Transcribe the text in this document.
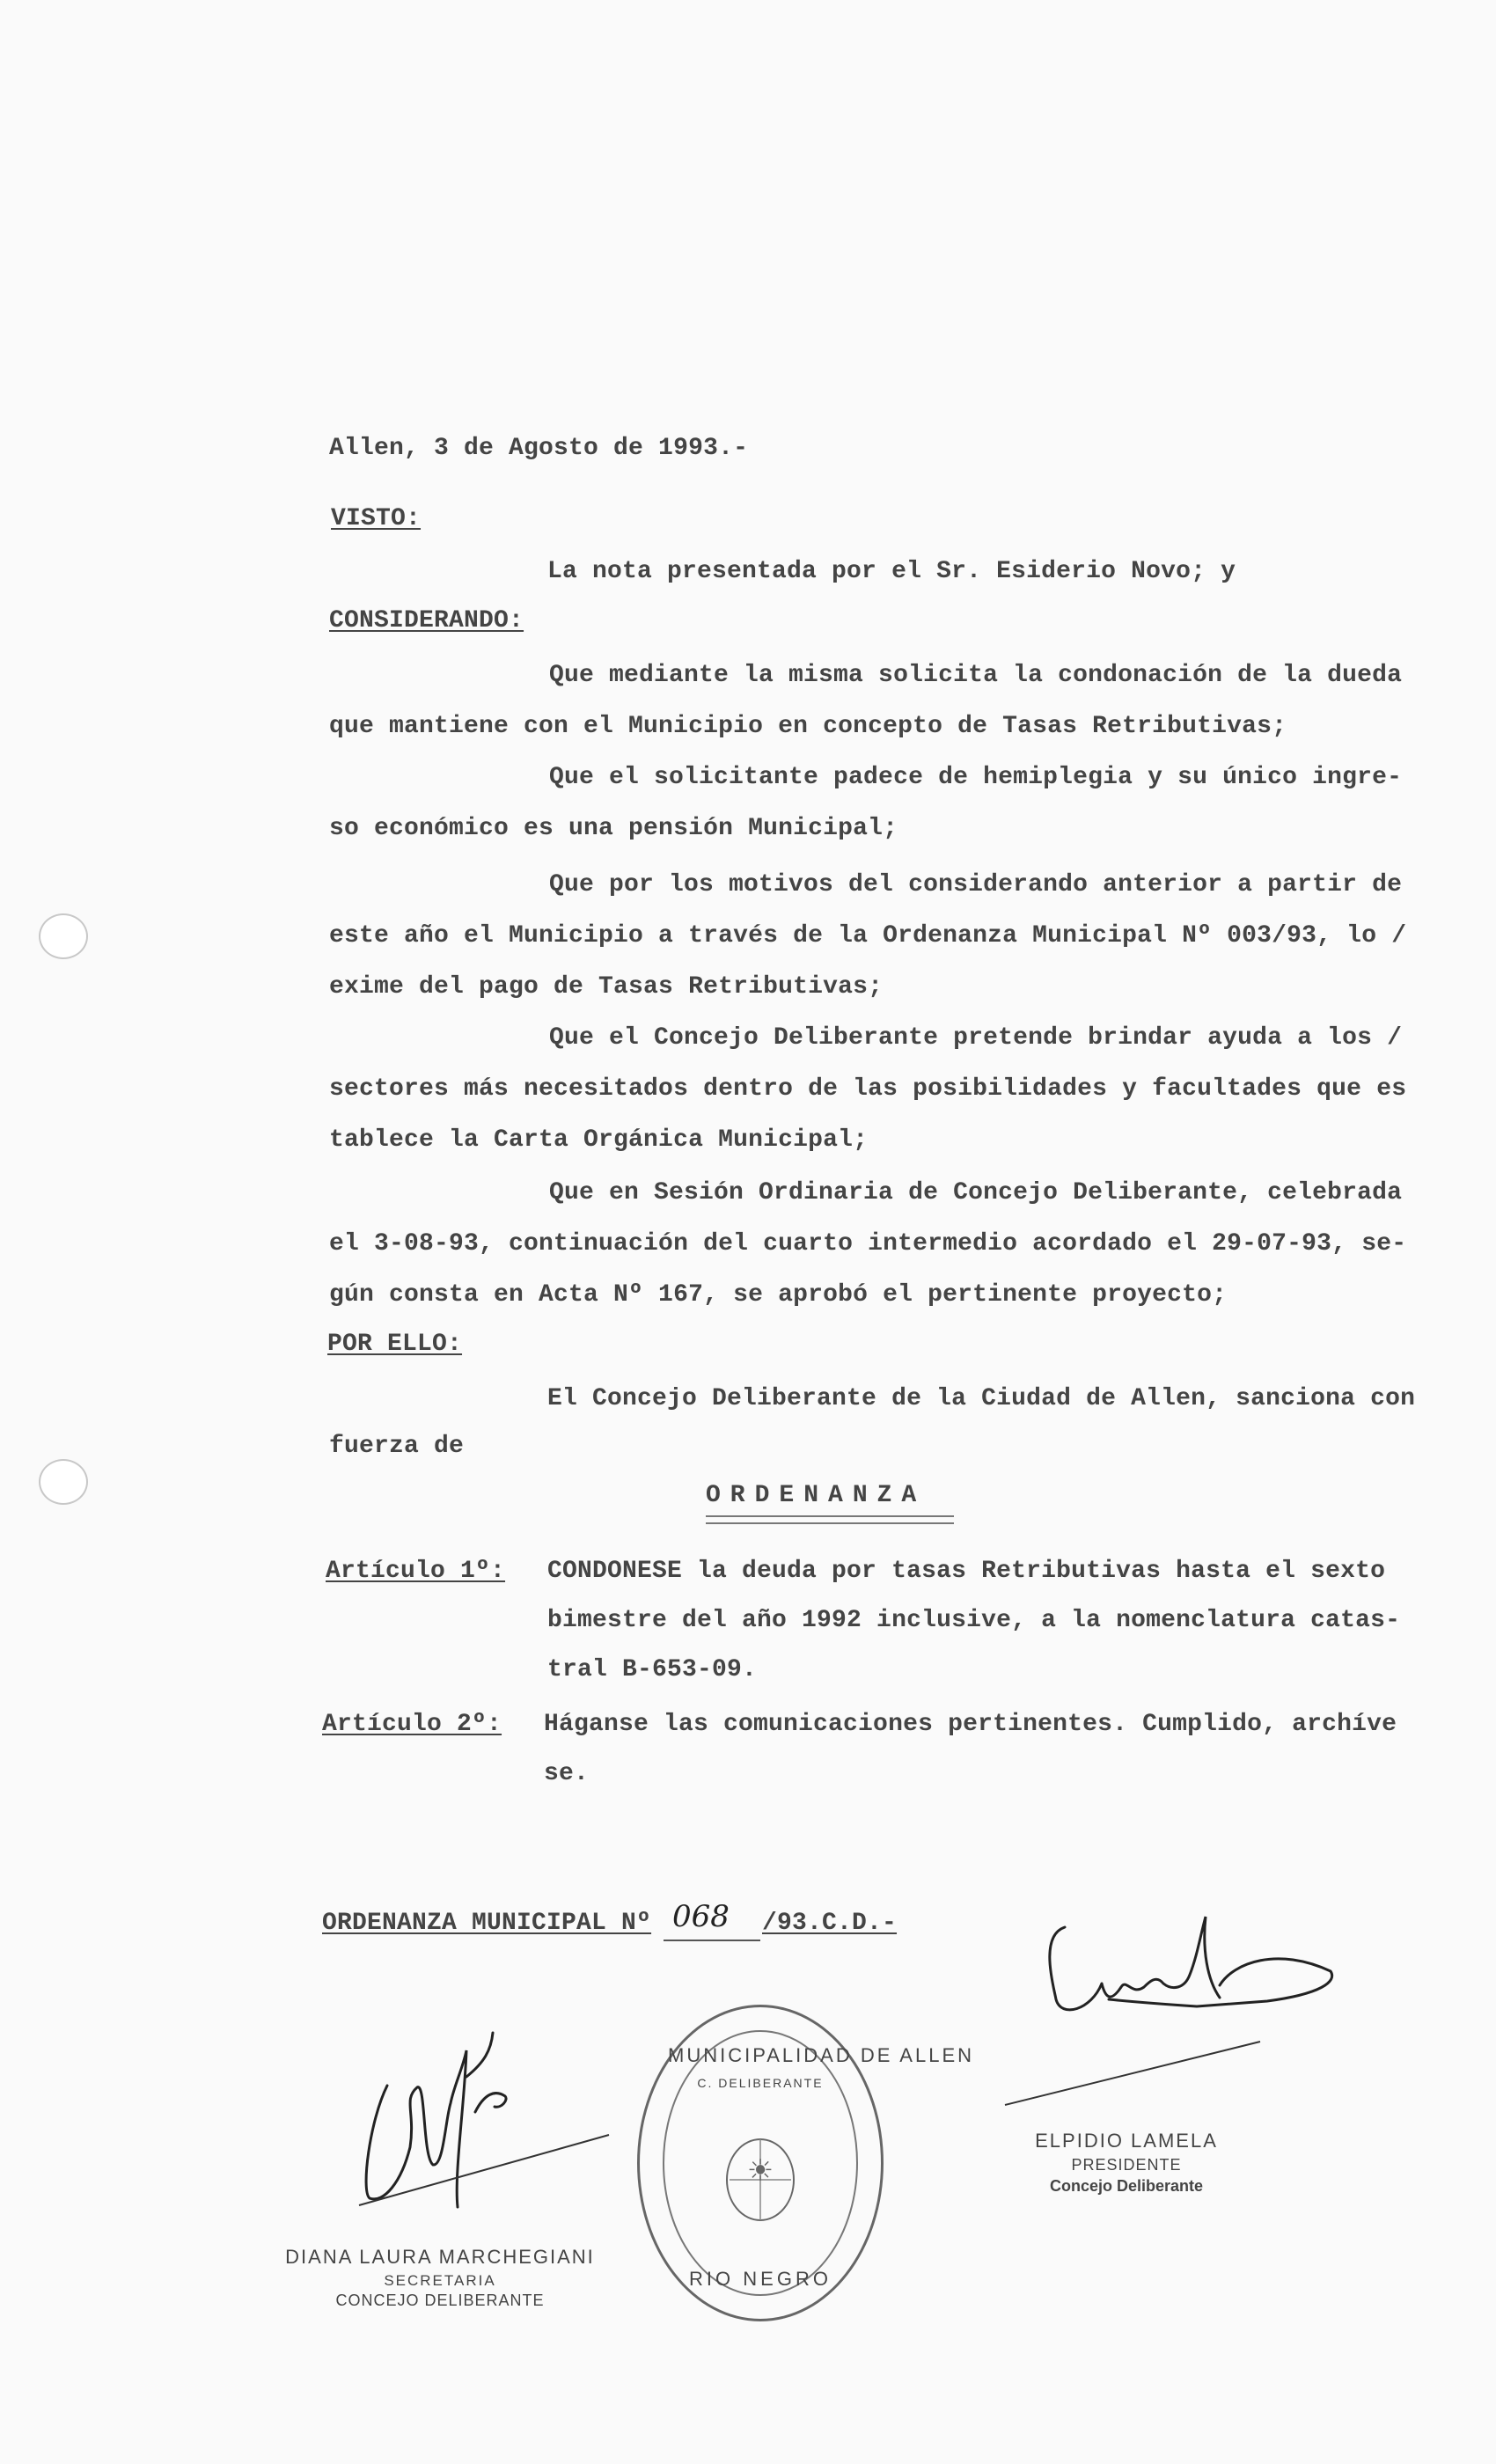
Allen, 3 de Agosto de 1993.-

VISTO:

La nota presentada por el Sr. Esiderio Novo; y

CONSIDERANDO:

Que mediante la misma solicita la condonación de la dueda

que mantiene con el Municipio en concepto de Tasas Retributivas;

Que el solicitante padece de hemiplegia y su único ingre-

so económico es una pensión Municipal;

Que por los motivos del considerando anterior a partir de

este año el Municipio a través de la Ordenanza Municipal Nº 003/93, lo /

exime del pago de Tasas Retributivas;

Que el Concejo Deliberante pretende brindar ayuda a los /

sectores más necesitados dentro de las posibilidades y facultades que es

tablece la Carta Orgánica Municipal;

Que en Sesión Ordinaria de Concejo Deliberante, celebrada

el 3-08-93, continuación del cuarto intermedio acordado el 29-07-93, se-

gún consta en Acta Nº 167, se aprobó el pertinente proyecto;

POR ELLO:

El Concejo Deliberante de la Ciudad de Allen, sanciona con

fuerza de

ORDENANZA

Artículo 1º: CONDONESE la deuda por tasas Retributivas hasta el sexto

bimestre del año 1992 inclusive, a la nomenclatura catas-

tral B-653-09.

Artículo 2º: Háganse las comunicaciones pertinentes. Cumplido, archíve

se.

ORDENANZA MUNICIPAL Nº 068 /93.C.D.-

ELPIDIO LAMELA
PRESIDENTE
Concejo Deliberante
MUNICIPALIDAD DE ALLEN
C. DELIBERANTE
☀
RIO NEGRO
DIANA LAURA MARCHEGIANI
SECRETARIA
CONCEJO DELIBERANTE
